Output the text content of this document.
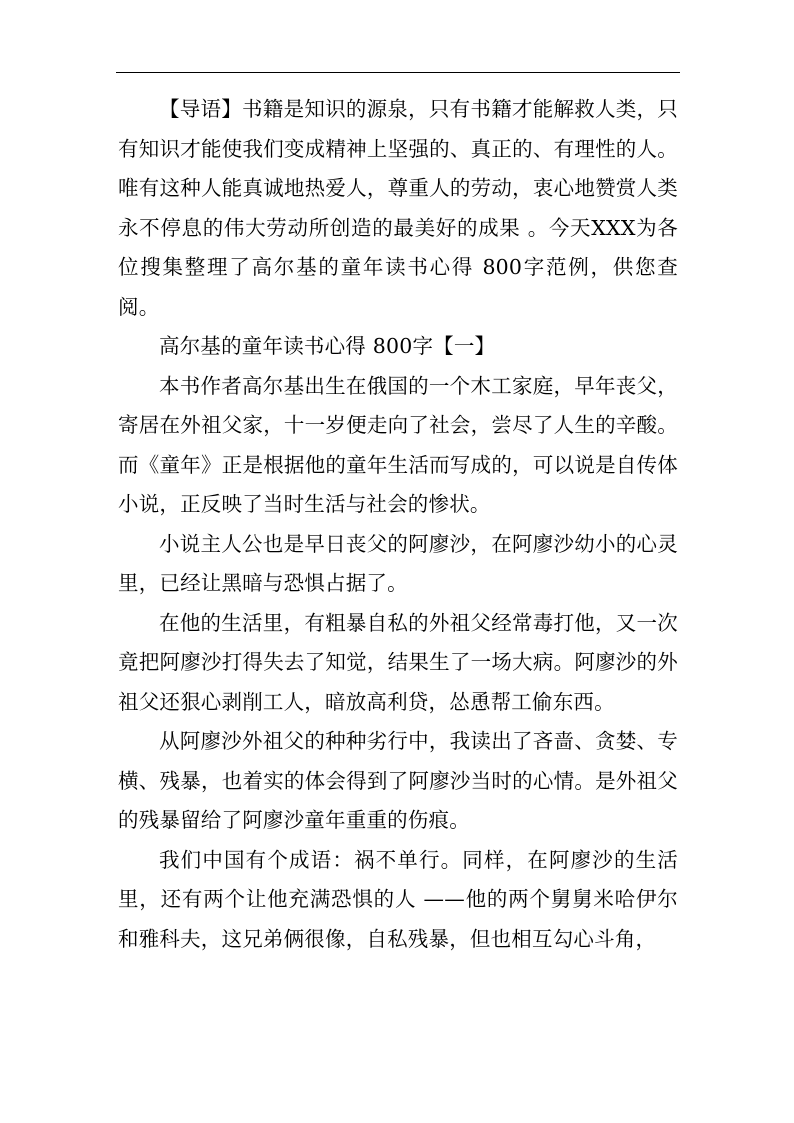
【导语】书籍是知识的源泉，只有书籍才能解救人类，只有知识才能使我们变成精神上坚强的、真正的、有理性的人。唯有这种人能真诚地热爱人，尊重人的劳动，衷心地赞赏人类永不停息的伟大劳动所创造的最美好的成果 。今天XXX为各位搜集整理了高尔基的童年读书心得 800字范例，供您查阅。

高尔基的童年读书心得 800字【一】

本书作者高尔基出生在俄国的一个木工家庭，早年丧父，寄居在外祖父家，十一岁便走向了社会，尝尽了人生的辛酸。而《童年》正是根据他的童年生活而写成的，可以说是自传体小说，正反映了当时生活与社会的惨状。

小说主人公也是早日丧父的阿廖沙，在阿廖沙幼小的心灵里，已经让黑暗与恐惧占据了。

在他的生活里，有粗暴自私的外祖父经常毒打他，又一次竟把阿廖沙打得失去了知觉，结果生了一场大病。阿廖沙的外祖父还狠心剥削工人，暗放高利贷，怂恿帮工偷东西。

从阿廖沙外祖父的种种劣行中，我读出了吝啬、贪婪、专横、残暴，也着实的体会得到了阿廖沙当时的心情。是外祖父的残暴留给了阿廖沙童年重重的伤痕。

我们中国有个成语：祸不单行。同样，在阿廖沙的生活里，还有两个让他充满恐惧的人 ——他的两个舅舅米哈伊尔和雅科夫，这兄弟俩很像，自私残暴，但也相互勾心斗角，
